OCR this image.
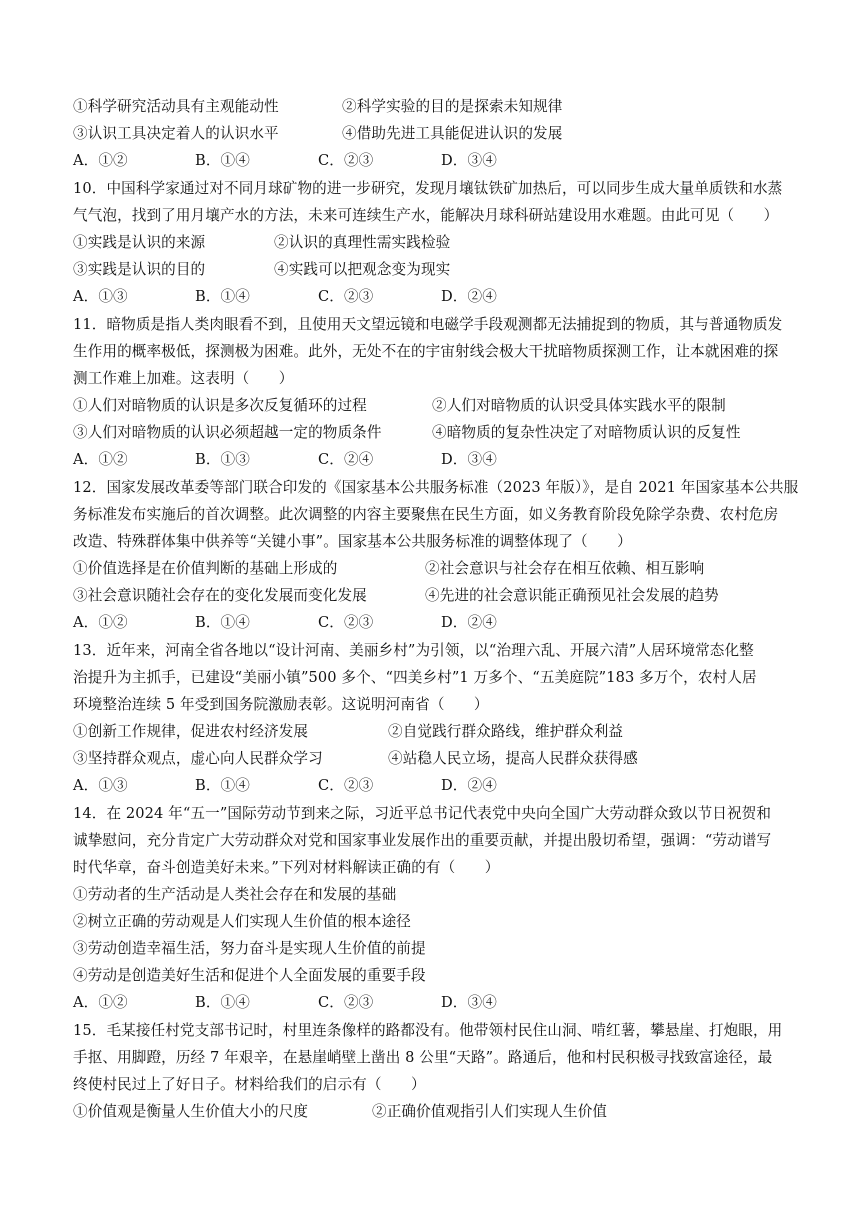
①科学研究活动具有主观能动性	②科学实验的目的是探索未知规律
③认识工具决定着人的认识水平	④借助先进工具能促进认识的发展
A．①②	B．①④	C．②③	D．③④
10．中国科学家通过对不同月球矿物的进一步研究，发现月壤钛铁矿加热后，可以同步生成大量单质铁和水蒸
气气泡，找到了用月壤产水的方法，未来可连续生产水，能解决月球科研站建设用水难题。由此可见（　　）
①实践是认识的来源	②认识的真理性需实践检验
③实践是认识的目的	④实践可以把观念变为现实
A．①③	B．①④	C．②③	D．②④
11．暗物质是指人类肉眼看不到，且使用天文望远镜和电磁学手段观测都无法捕捉到的物质，其与普通物质发
生作用的概率极低，探测极为困难。此外，无处不在的宇宙射线会极大干扰暗物质探测工作，让本就困难的探
测工作难上加难。这表明（　　）
①人们对暗物质的认识是多次反复循环的过程	②人们对暗物质的认识受具体实践水平的限制
③人们对暗物质的认识必须超越一定的物质条件	④暗物质的复杂性决定了对暗物质认识的反复性
A．①②	B．①③	C．②④	D．③④
12．国家发展改革委等部门联合印发的《国家基本公共服务标准（2023 年版）》，是自 2021 年国家基本公共服
务标准发布实施后的首次调整。此次调整的内容主要聚焦在民生方面，如义务教育阶段免除学杂费、农村危房
改造、特殊群体集中供养等“关键小事”。国家基本公共服务标准的调整体现了（　　）
①价值选择是在价值判断的基础上形成的	②社会意识与社会存在相互依赖、相互影响
③社会意识随社会存在的变化发展而变化发展	④先进的社会意识能正确预见社会发展的趋势
A．①②	B．①④	C．②③	D．②④
13．近年来，河南全省各地以“设计河南、美丽乡村”为引领，以“治理六乱、开展六清”人居环境常态化整
治提升为主抓手，已建设“美丽小镇”500 多个、“四美乡村”1 万多个、“五美庭院”183 多万个，农村人居
环境整治连续 5 年受到国务院激励表彰。这说明河南省（　　）
①创新工作规律，促进农村经济发展	②自觉践行群众路线，维护群众利益
③坚持群众观点，虚心向人民群众学习	④站稳人民立场，提高人民群众获得感
A．①③	B．①④	C．②③	D．②④
14．在 2024 年“五一”国际劳动节到来之际，习近平总书记代表党中央向全国广大劳动群众致以节日祝贺和
诚挚慰问，充分肯定广大劳动群众对党和国家事业发展作出的重要贡献，并提出殷切希望，强调：“劳动谱写
时代华章，奋斗创造美好未来。”下列对材料解读正确的有（　　）
①劳动者的生产活动是人类社会存在和发展的基础
②树立正确的劳动观是人们实现人生价值的根本途径
③劳动创造幸福生活，努力奋斗是实现人生价值的前提
④劳动是创造美好生活和促进个人全面发展的重要手段
A．①②	B．①④	C．②③	D．③④
15．毛某接任村党支部书记时，村里连条像样的路都没有。他带领村民住山洞、啃红薯，攀悬崖、打炮眼，用
手抠、用脚蹬，历经 7 年艰辛，在悬崖峭壁上凿出 8 公里“天路”。路通后，他和村民积极寻找致富途径，最
终使村民过上了好日子。材料给我们的启示有（　　）
①价值观是衡量人生价值大小的尺度	②正确价值观指引人们实现人生价值
